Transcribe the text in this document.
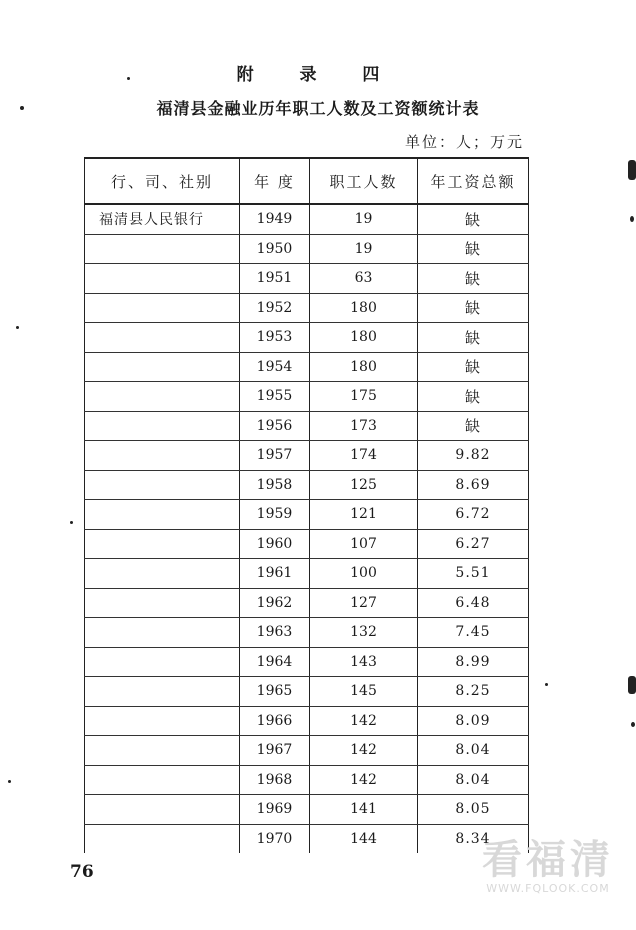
附 录 四
福清县金融业历年职工人数及工资额统计表
单位：人；万元
行、司、社别	年 度	职工人数	年工资总额
福清县人民银行	1949	19	缺
	1950	19	缺
	1951	63	缺
	1952	180	缺
	1953	180	缺
	1954	180	缺
	1955	175	缺
	1956	173	缺
	1957	174	9.82
	1958	125	8.69
	1959	121	6.72
	1960	107	6.27
	1961	100	5.51
	1962	127	6.48
	1963	132	7.45
	1964	143	8.99
	1965	145	8.25
	1966	142	8.09
	1967	142	8.04
	1968	142	8.04
	1969	141	8.05
	1970	144	8.34
76	看福清
WWW.FQLOOK.COM
